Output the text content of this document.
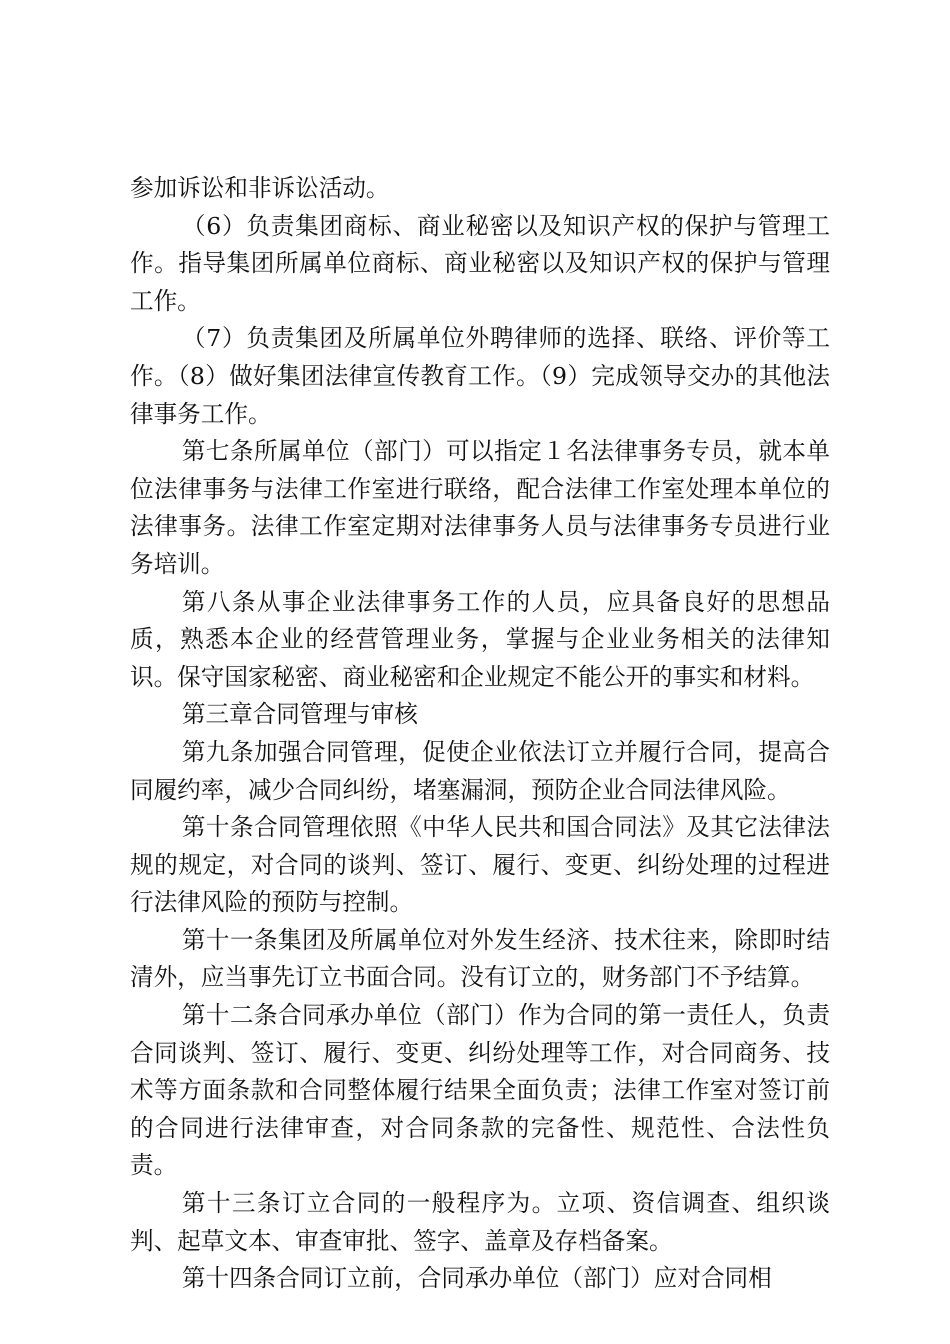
参加诉讼和非诉讼活动。

（6）负责集团商标、商业秘密以及知识产权的保护与管理工作。指导集团所属单位商标、商业秘密以及知识产权的保护与管理工作。

（7）负责集团及所属单位外聘律师的选择、联络、评价等工作。（8）做好集团法律宣传教育工作。（9）完成领导交办的其他法律事务工作。

第七条所属单位（部门）可以指定１名法律事务专员，就本单位法律事务与法律工作室进行联络，配合法律工作室处理本单位的法律事务。法律工作室定期对法律事务人员与法律事务专员进行业务培训。

第八条从事企业法律事务工作的人员，应具备良好的思想品质，熟悉本企业的经营管理业务，掌握与企业业务相关的法律知识。保守国家秘密、商业秘密和企业规定不能公开的事实和材料。

第三章合同管理与审核

第九条加强合同管理，促使企业依法订立并履行合同，提高合同履约率，减少合同纠纷，堵塞漏洞，预防企业合同法律风险。

第十条合同管理依照《中华人民共和国合同法》及其它法律法规的规定，对合同的谈判、签订、履行、变更、纠纷处理的过程进行法律风险的预防与控制。

第十一条集团及所属单位对外发生经济、技术往来，除即时结清外，应当事先订立书面合同。没有订立的，财务部门不予结算。

第十二条合同承办单位（部门）作为合同的第一责任人，负责合同谈判、签订、履行、变更、纠纷处理等工作，对合同商务、技术等方面条款和合同整体履行结果全面负责；法律工作室对签订前的合同进行法律审查，对合同条款的完备性、规范性、合法性负责。

第十三条订立合同的一般程序为。立项、资信调查、组织谈判、起草文本、审查审批、签字、盖章及存档备案。

第十四条合同订立前，合同承办单位（部门）应对合同相
